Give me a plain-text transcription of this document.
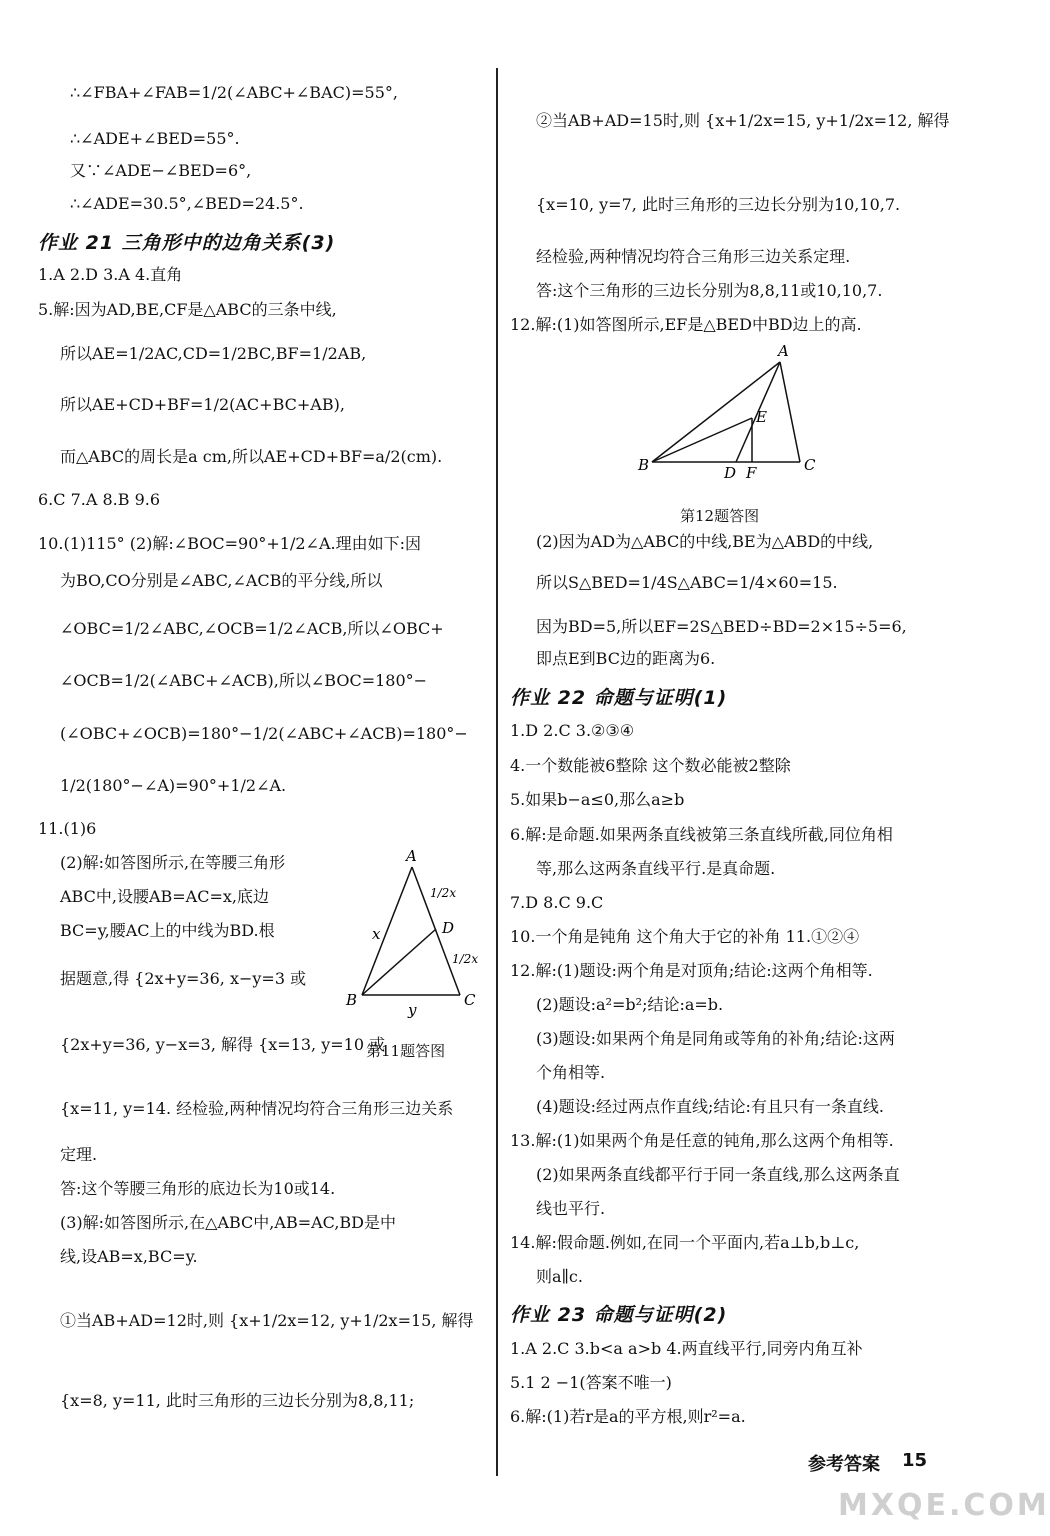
∴∠FBA+∠FAB=1/2(∠ABC+∠BAC)=55°,
∴∠ADE+∠BED=55°.
又∵∠ADE−∠BED=6°,
∴∠ADE=30.5°,∠BED=24.5°.
作业 21 三角形中的边角关系(3)
1.A 2.D 3.A 4.直角
5.解:因为AD,BE,CF是△ABC的三条中线,
所以AE=1/2AC,CD=1/2BC,BF=1/2AB,
所以AE+CD+BF=1/2(AC+BC+AB),
而△ABC的周长是a cm,所以AE+CD+BF=a/2(cm).
6.C 7.A 8.B 9.6
10.(1)115° (2)解:∠BOC=90°+1/2∠A.理由如下:因
为BO,CO分别是∠ABC,∠ACB的平分线,所以
∠OBC=1/2∠ABC,∠OCB=1/2∠ACB,所以∠OBC+
∠OCB=1/2(∠ABC+∠ACB),所以∠BOC=180°−
(∠OBC+∠OCB)=180°−1/2(∠ABC+∠ACB)=180°−
1/2(180°−∠A)=90°+1/2∠A.
11.(1)6
(2)解:如答图所示,在等腰三角形
ABC中,设腰AB=AC=x,底边
BC=y,腰AC上的中线为BD.根
据题意,得 {2x+y=36, x−y=3 或
{2x+y=36, y−x=3, 解得 {x=13, y=10 或
{x=11, y=14. 经检验,两种情况均符合三角形三边关系
定理.
答:这个等腰三角形的底边长为10或14.
(3)解:如答图所示,在△ABC中,AB=AC,BD是中
线,设AB=x,BC=y.
①当AB+AD=12时,则 {x+1/2x=12, y+1/2x=15, 解得
{x=8, y=11, 此时三角形的三边长分别为8,8,11;
A
D
B	C
x
y
1/2x
1/2x
第11题答图
②当AB+AD=15时,则 {x+1/2x=15, y+1/2x=12, 解得
{x=10, y=7, 此时三角形的三边长分别为10,10,7.
经检验,两种情况均符合三角形三边关系定理.
答:这个三角形的三边长分别为8,8,11或10,10,7.
12.解:(1)如答图所示,EF是△BED中BD边上的高.
A
E
B	D F	C
第12题答图
(2)因为AD为△ABC的中线,BE为△ABD的中线,
所以S△BED=1/4S△ABC=1/4×60=15.
因为BD=5,所以EF=2S△BED÷BD=2×15÷5=6,
即点E到BC边的距离为6.
作业 22 命题与证明(1)
1.D 2.C 3.②③④
4.一个数能被6整除 这个数必能被2整除
5.如果b−a≤0,那么a≥b
6.解:是命题.如果两条直线被第三条直线所截,同位角相
等,那么这两条直线平行.是真命题.
7.D 8.C 9.C
10.一个角是钝角 这个角大于它的补角 11.①②④
12.解:(1)题设:两个角是对顶角;结论:这两个角相等.
(2)题设:a²=b²;结论:a=b.
(3)题设:如果两个角是同角或等角的补角;结论:这两
个角相等.
(4)题设:经过两点作直线;结论:有且只有一条直线.
13.解:(1)如果两个角是任意的钝角,那么这两个角相等.
(2)如果两条直线都平行于同一条直线,那么这两条直
线也平行.
14.解:假命题.例如,在同一个平面内,若a⊥b,b⊥c,
则a∥c.
作业 23 命题与证明(2)
1.A 2.C 3.b<a a>b 4.两直线平行,同旁内角互补
5.1 2 −1(答案不唯一)
6.解:(1)若r是a的平方根,则r²=a.
参考答案 15
MXQE.COM
